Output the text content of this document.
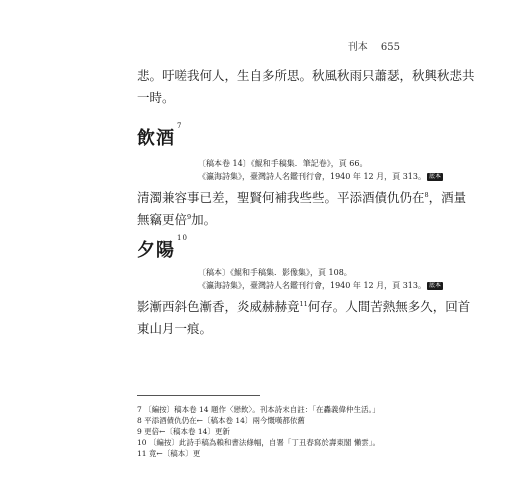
刊本 655
悲。吁嗟我何人，生自多所思。秋風秋雨只蕭瑟，秋興秋悲共
一時。
飲酒$^7$
〔稿本卷 14〕《鯤和手稿集．筆記卷》，頁 66。
《瀛海詩集》，臺灣詩人名鑑刊行會，1940 年 12 月，頁 313。 底本
清濁兼容事已差，聖賢何補我些些。平添酒債仇仍在$^8$，酒量
無竊更倍$^9$加。
夕陽$^{10}$
〔稿本〕《鯤和手稿集．影像集》，頁 108。
《瀛海詩集》，臺灣詩人名鑑刊行會，1940 年 12 月，頁 313。 底本
影漸西斜色漸香，炎威赫赫竟$^{11}$何存。人間苦熱無多久，回首
東山月一痕。
7 〔編按〕稿本卷 14 題作〈戀飲〉。刊本詩末自註：「在轟義偉仲生活。」
8 平添酒債仇仍在←〔稿本卷 14〕兩今慨嘆都依舊
9 更倍←〔稿本卷 14〕更新
10 〔編按〕此詩手稿為賴和書法條幅，自署「丁丑春寫於壽東閣 懶雲」。
11 竟←〔稿本〕更
